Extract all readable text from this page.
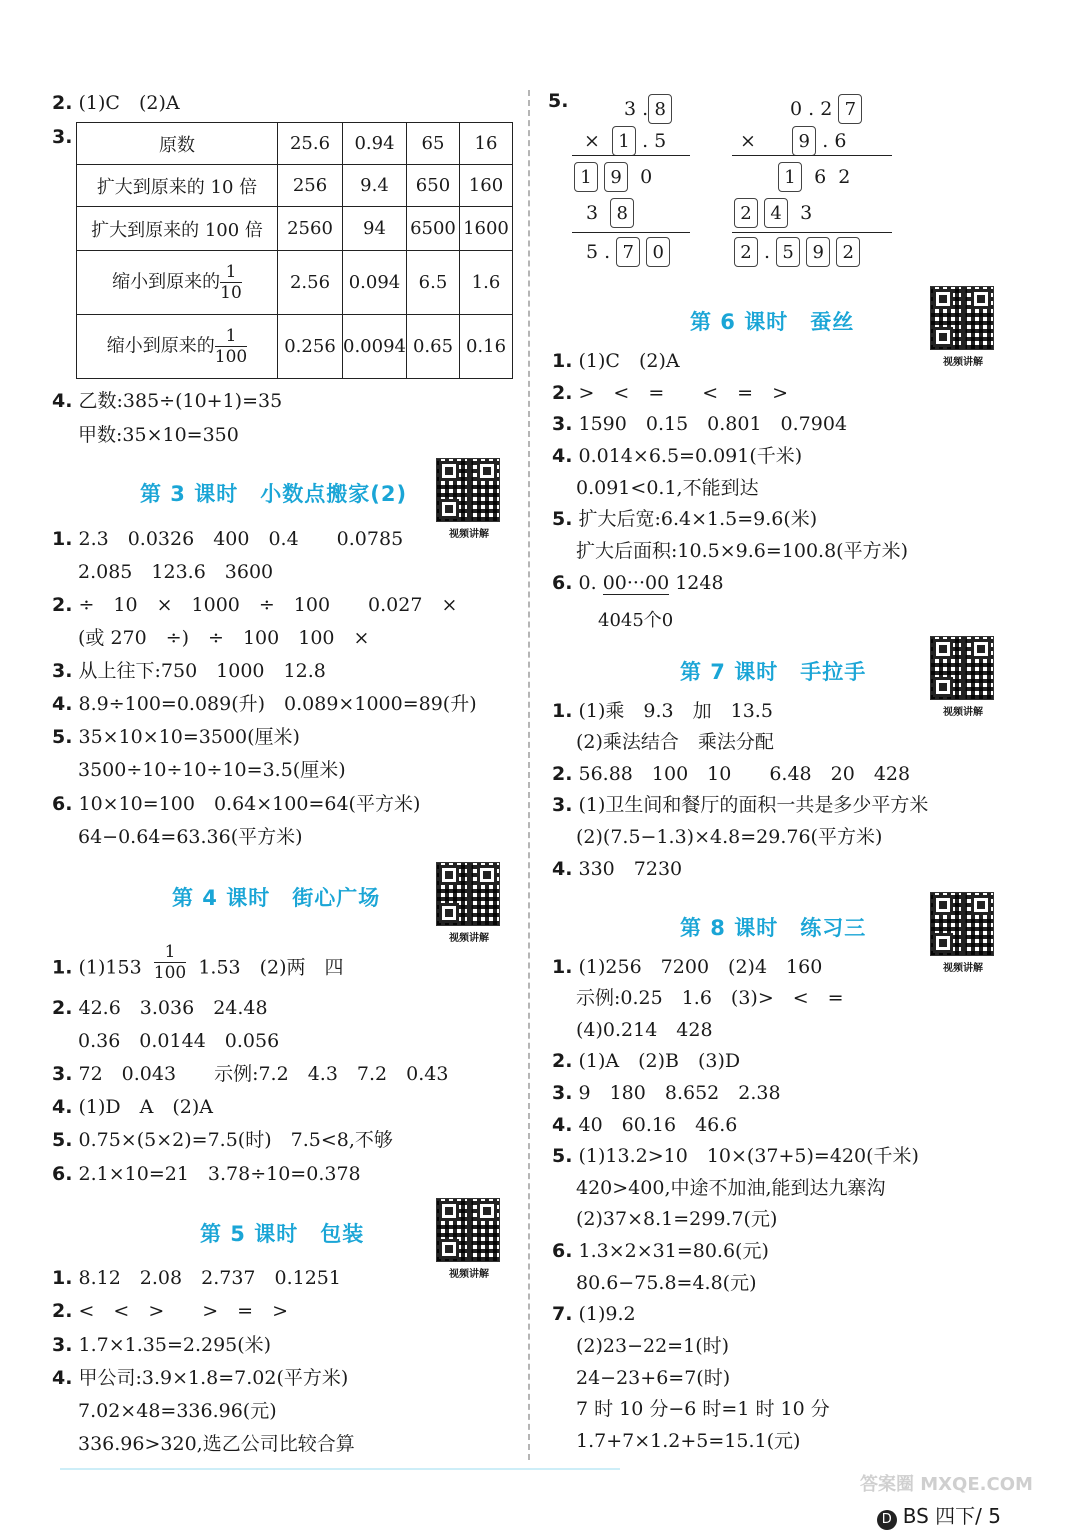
2. (1)C　(2)A
3.	原数	25.6	0.94	65	16
扩大到原来的 10 倍	256	9.4	650	160
扩大到原来的 100 倍	2560	94	6500	1600
缩小到原来的 $\frac{1}{10}$	2.56	0.094	6.5	1.6
缩小到原来的 $\frac{1}{100}$	0.256	0.0094	0.65	0.16
4. 乙数:385÷(10+1)=35
甲数:35×10=350
第 3 课时　小数点搬家(2)
视频讲解
1. 2.3　0.0326　400　0.4　　0.0785
2.085　123.6　3600
2. ÷　10　×　1000　÷　100　　0.027　×
(或 270　÷)　÷　100　100　×
3. 从上往下:750　1000　12.8
4. 8.9÷100=0.089(升)　0.089×1000=89(升)
5. 35×10×10=3500(厘米)
3500÷10÷10÷10=3.5(厘米)
6. 10×10=100　0.64×100=64(平方米)
64−0.64=63.36(平方米)
第 4 课时　街心广场
视频讲解
1. $(1)153 \frac{1}{100} 1.53$　(2)两　四
2. 42.6　3.036　24.48
0.36　0.0144　0.056
3. 72　0.043　　示例:7.2　4.3　7.2　0.43
4. (1)D　A　(2)A
5. 0.75×(5×2)=7.5(时)　7.5<8,不够
6. 2.1×10=21　3.78÷10=0.378
第 5 课时　包装
视频讲解
1. 8.12　2.08　2.737　0.1251
2. <　<　>　　>　=　>
3. 1.7×1.35=2.295(米)
4. 甲公司:3.9×1.8=7.02(平方米)
7.02×48=336.96(元)
336.96>320,选乙公司比较合算
5.	3 . 8
× 1 . 5
1 9 0
3 8
5 . 7 0
0 . 2 7
× 9 . 6
1 6 2
2 4 3
2 . 5 9 2
第 6 课时　蚕丝
视频讲解
1. (1)C　(2)A
2. >　<　=　　<　=　>
3. 1590　0.15　0.801　0.7904
4. 0.014×6.5=0.091(千米)
0.091<0.1,不能到达
5. 扩大后宽:6.4×1.5=9.6(米)
扩大后面积:10.5×9.6=100.8(平方米)
6. 0. 00···00 1248
4045个0
第 7 课时　手拉手
视频讲解
1. (1)乘　9.3　加　13.5
(2)乘法结合　乘法分配
2. 56.88　100　10　　6.48　20　428
3. (1)卫生间和餐厅的面积一共是多少平方米
(2)(7.5−1.3)×4.8=29.76(平方米)
4. 330　7230
第 8 课时　练习三
视频讲解
1. (1)256　7200　(2)4　160
示例:0.25　1.6　(3)>　<　=
(4)0.214　428
2. (1)A　(2)B　(3)D
3. 9　180　8.652　2.38
4. 40　60.16　46.6
5. (1)13.2>10　10×(37+5)=420(千米)
420>400,中途不加油,能到达九寨沟
(2)37×8.1=299.7(元)
6. 1.3×2×31=80.6(元)
80.6−75.8=4.8(元)
7. (1)9.2
(2)23−22=1(时)
24−23+6=7(时)
7 时 10 分−6 时=1 时 10 分
1.7+7×1.2+5=15.1(元)
答案圈 MXQE.COM
D BS 四下/ 5
